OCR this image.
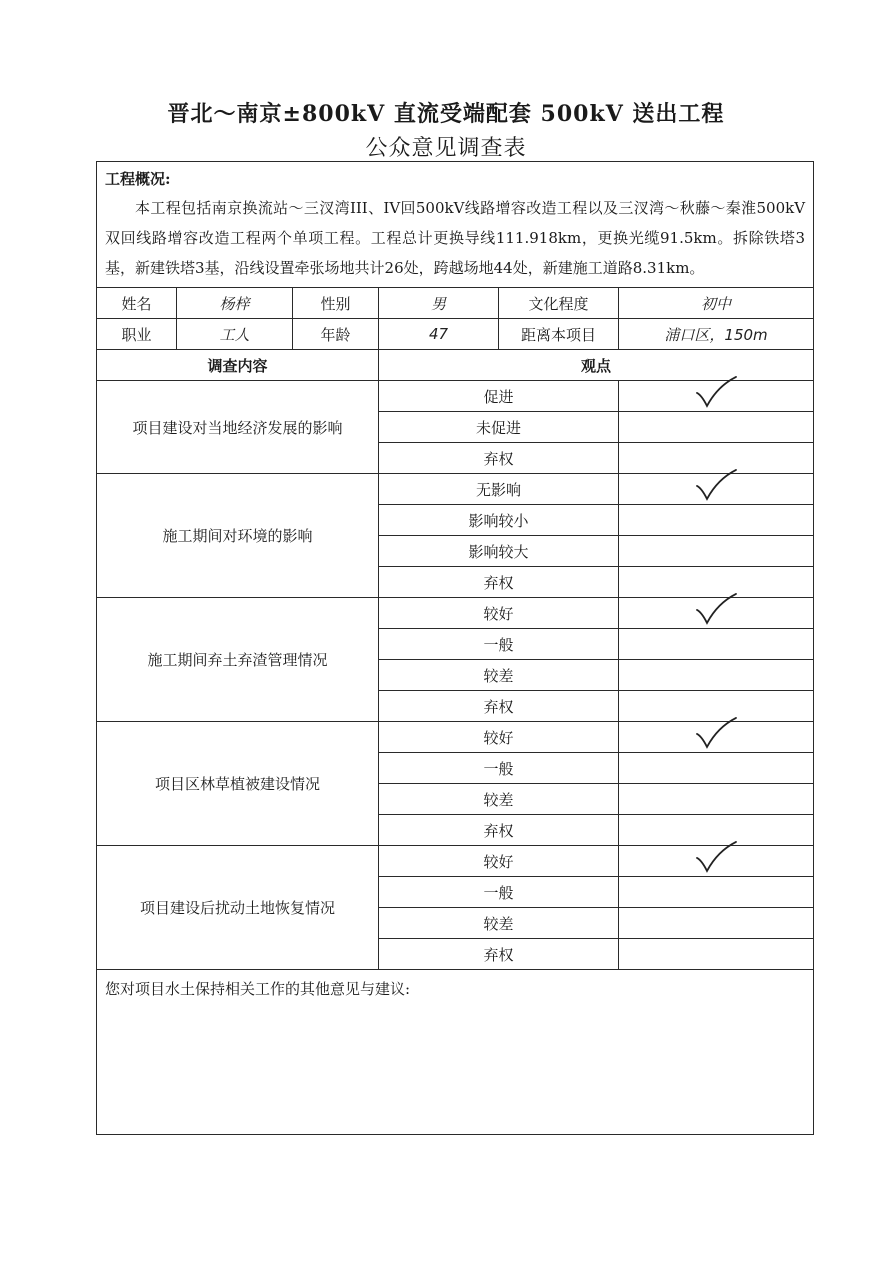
晋北～南京±800kV 直流受端配套 500kV 送出工程
公众意见调查表
工程概况:
本工程包括南京换流站～三汊湾III、IV回500kV线路增容改造工程以及三汊湾～秋藤～秦淮500kV双回线路增容改造工程两个单项工程。工程总计更换导线111.918km，更换光缆91.5km。拆除铁塔3基，新建铁塔3基，沿线设置牵张场地共计26处，跨越场地44处，新建施工道路8.31km。					

姓名	杨梓	性别	男	文化程度	初中
职业	工人	年龄	47	距离本项目	浦口区，150m
调查内容			观点		
项目建设对当地经济发展的影响			促进	

			未促进		
			弃权		
施工期间对环境的影响			无影响	

			影响较小		
			影响较大		
			弃权		
施工期间弃土弃渣管理情况			较好	

			一般		
			较差		
			弃权		
项目区林草植被建设情况			较好	

			一般		
			较差		
			弃权		
项目建设后扰动土地恢复情况			较好	

			一般		
			较差		
			弃权		
您对项目水土保持相关工作的其他意见与建议:					
